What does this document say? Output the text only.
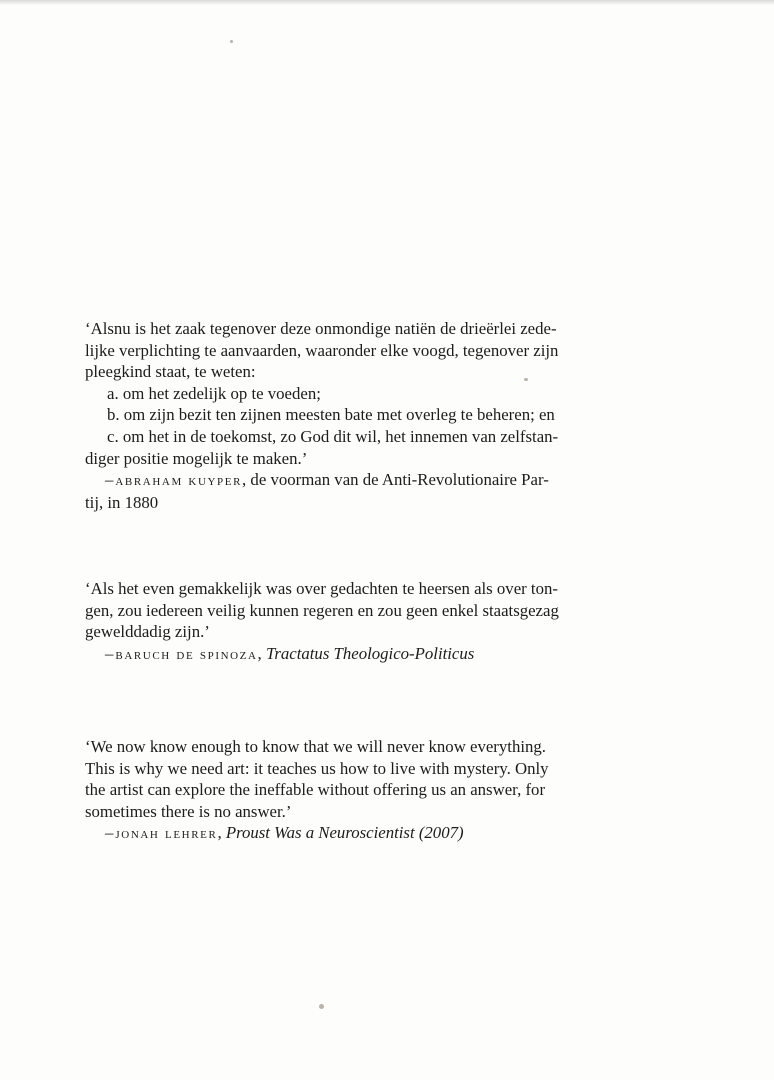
‘Alsnu is het zaak tegenover deze onmondige natiën de drieërlei zede-

lijke verplichting te aanvaarden, waaronder elke voogd, tegenover zijn

pleegkind staat, te weten:

a. om het zedelijk op te voeden;

b. om zijn bezit ten zijnen meesten bate met overleg te beheren; en

c. om het in de toekomst, zo God dit wil, het innemen van zelfstan-

diger positie mogelijk te maken.’

– abraham kuyper, de voorman van de Anti-Revolutionaire Par-
tij, in 1880

‘Als het even gemakkelijk was over gedachten te heersen als over ton-

gen, zou iedereen veilig kunnen regeren en zou geen enkel staatsgezag

gewelddadig zijn.’

– baruch de spinoza, Tractatus Theologico-Politicus

‘We now know enough to know that we will never know everything.

This is why we need art: it teaches us how to live with mystery. Only

the artist can explore the ineffable without offering us an answer, for

sometimes there is no answer.’

– jonah lehrer, Proust Was a Neuroscientist (2007)
